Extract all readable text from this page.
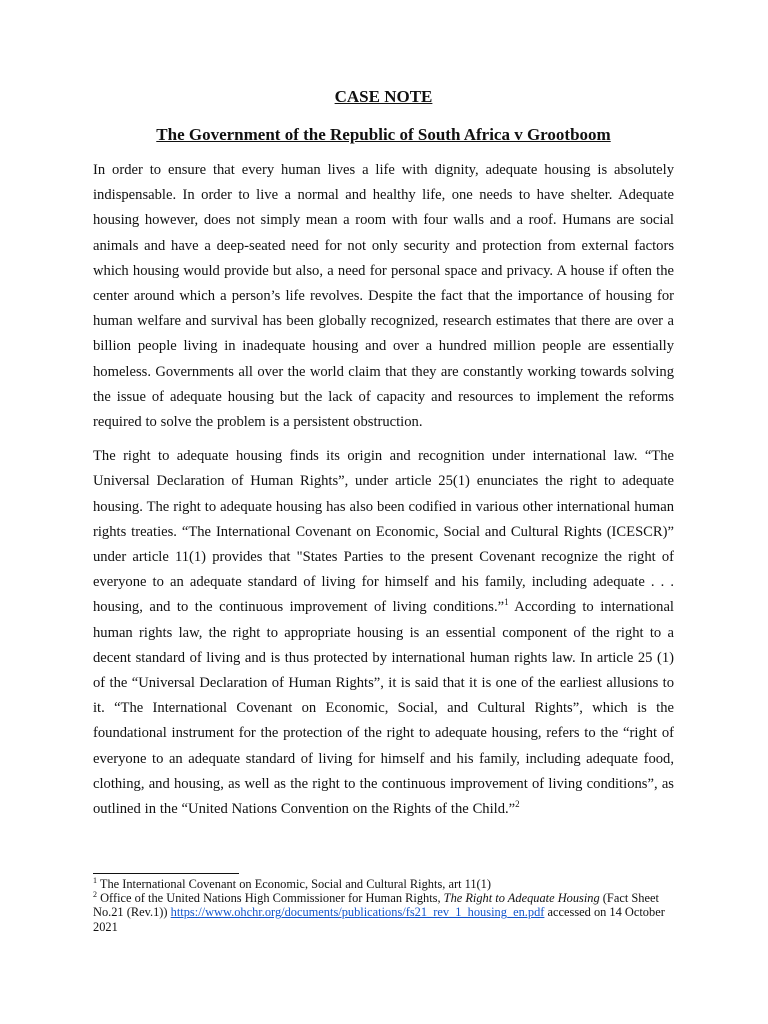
CASE NOTE
The Government of the Republic of South Africa v Grootboom

In order to ensure that every human lives a life with dignity, adequate housing is absolutely indispensable. In order to live a normal and healthy life, one needs to have shelter. Adequate housing however, does not simply mean a room with four walls and a roof. Humans are social animals and have a deep-seated need for not only security and protection from external factors which housing would provide but also, a need for personal space and privacy. A house if often the center around which a person’s life revolves. Despite the fact that the importance of housing for human welfare and survival has been globally recognized, research estimates that there are over a billion people living in inadequate housing and over a hundred million people are essentially homeless. Governments all over the world claim that they are constantly working towards solving the issue of adequate housing but the lack of capacity and resources to implement the reforms required to solve the problem is a persistent obstruction.

The right to adequate housing finds its origin and recognition under international law. “The Universal Declaration of Human Rights”, under article 25(1) enunciates the right to adequate housing. The right to adequate housing has also been codified in various other international human rights treaties. “The International Covenant on Economic, Social and Cultural Rights (ICESCR)” under article 11(1) provides that "States Parties to the present Covenant recognize the right of everyone to an adequate standard of living for himself and his family, including adequate . . . housing, and to the continuous improvement of living conditions.”$^1$ According to international human rights law, the right to appropriate housing is an essential component of the right to a decent standard of living and is thus protected by international human rights law. In article 25 (1) of the “Universal Declaration of Human Rights”, it is said that it is one of the earliest allusions to it. “The International Covenant on Economic, Social, and Cultural Rights”, which is the foundational instrument for the protection of the right to adequate housing, refers to the “right of everyone to an adequate standard of living for himself and his family, including adequate food, clothing, and housing, as well as the right to the continuous improvement of living conditions”, as outlined in the “United Nations Convention on the Rights of the Child.”$^2$

$^1$ The International Covenant on Economic, Social and Cultural Rights, art 11(1)

$^2$ Office of the United Nations High Commissioner for Human Rights, The Right to Adequate Housing (Fact Sheet No.21 (Rev.1)) https://www.ohchr.org/documents/publications/fs21_rev_1_housing_en.pdf accessed on 14 October 2021
